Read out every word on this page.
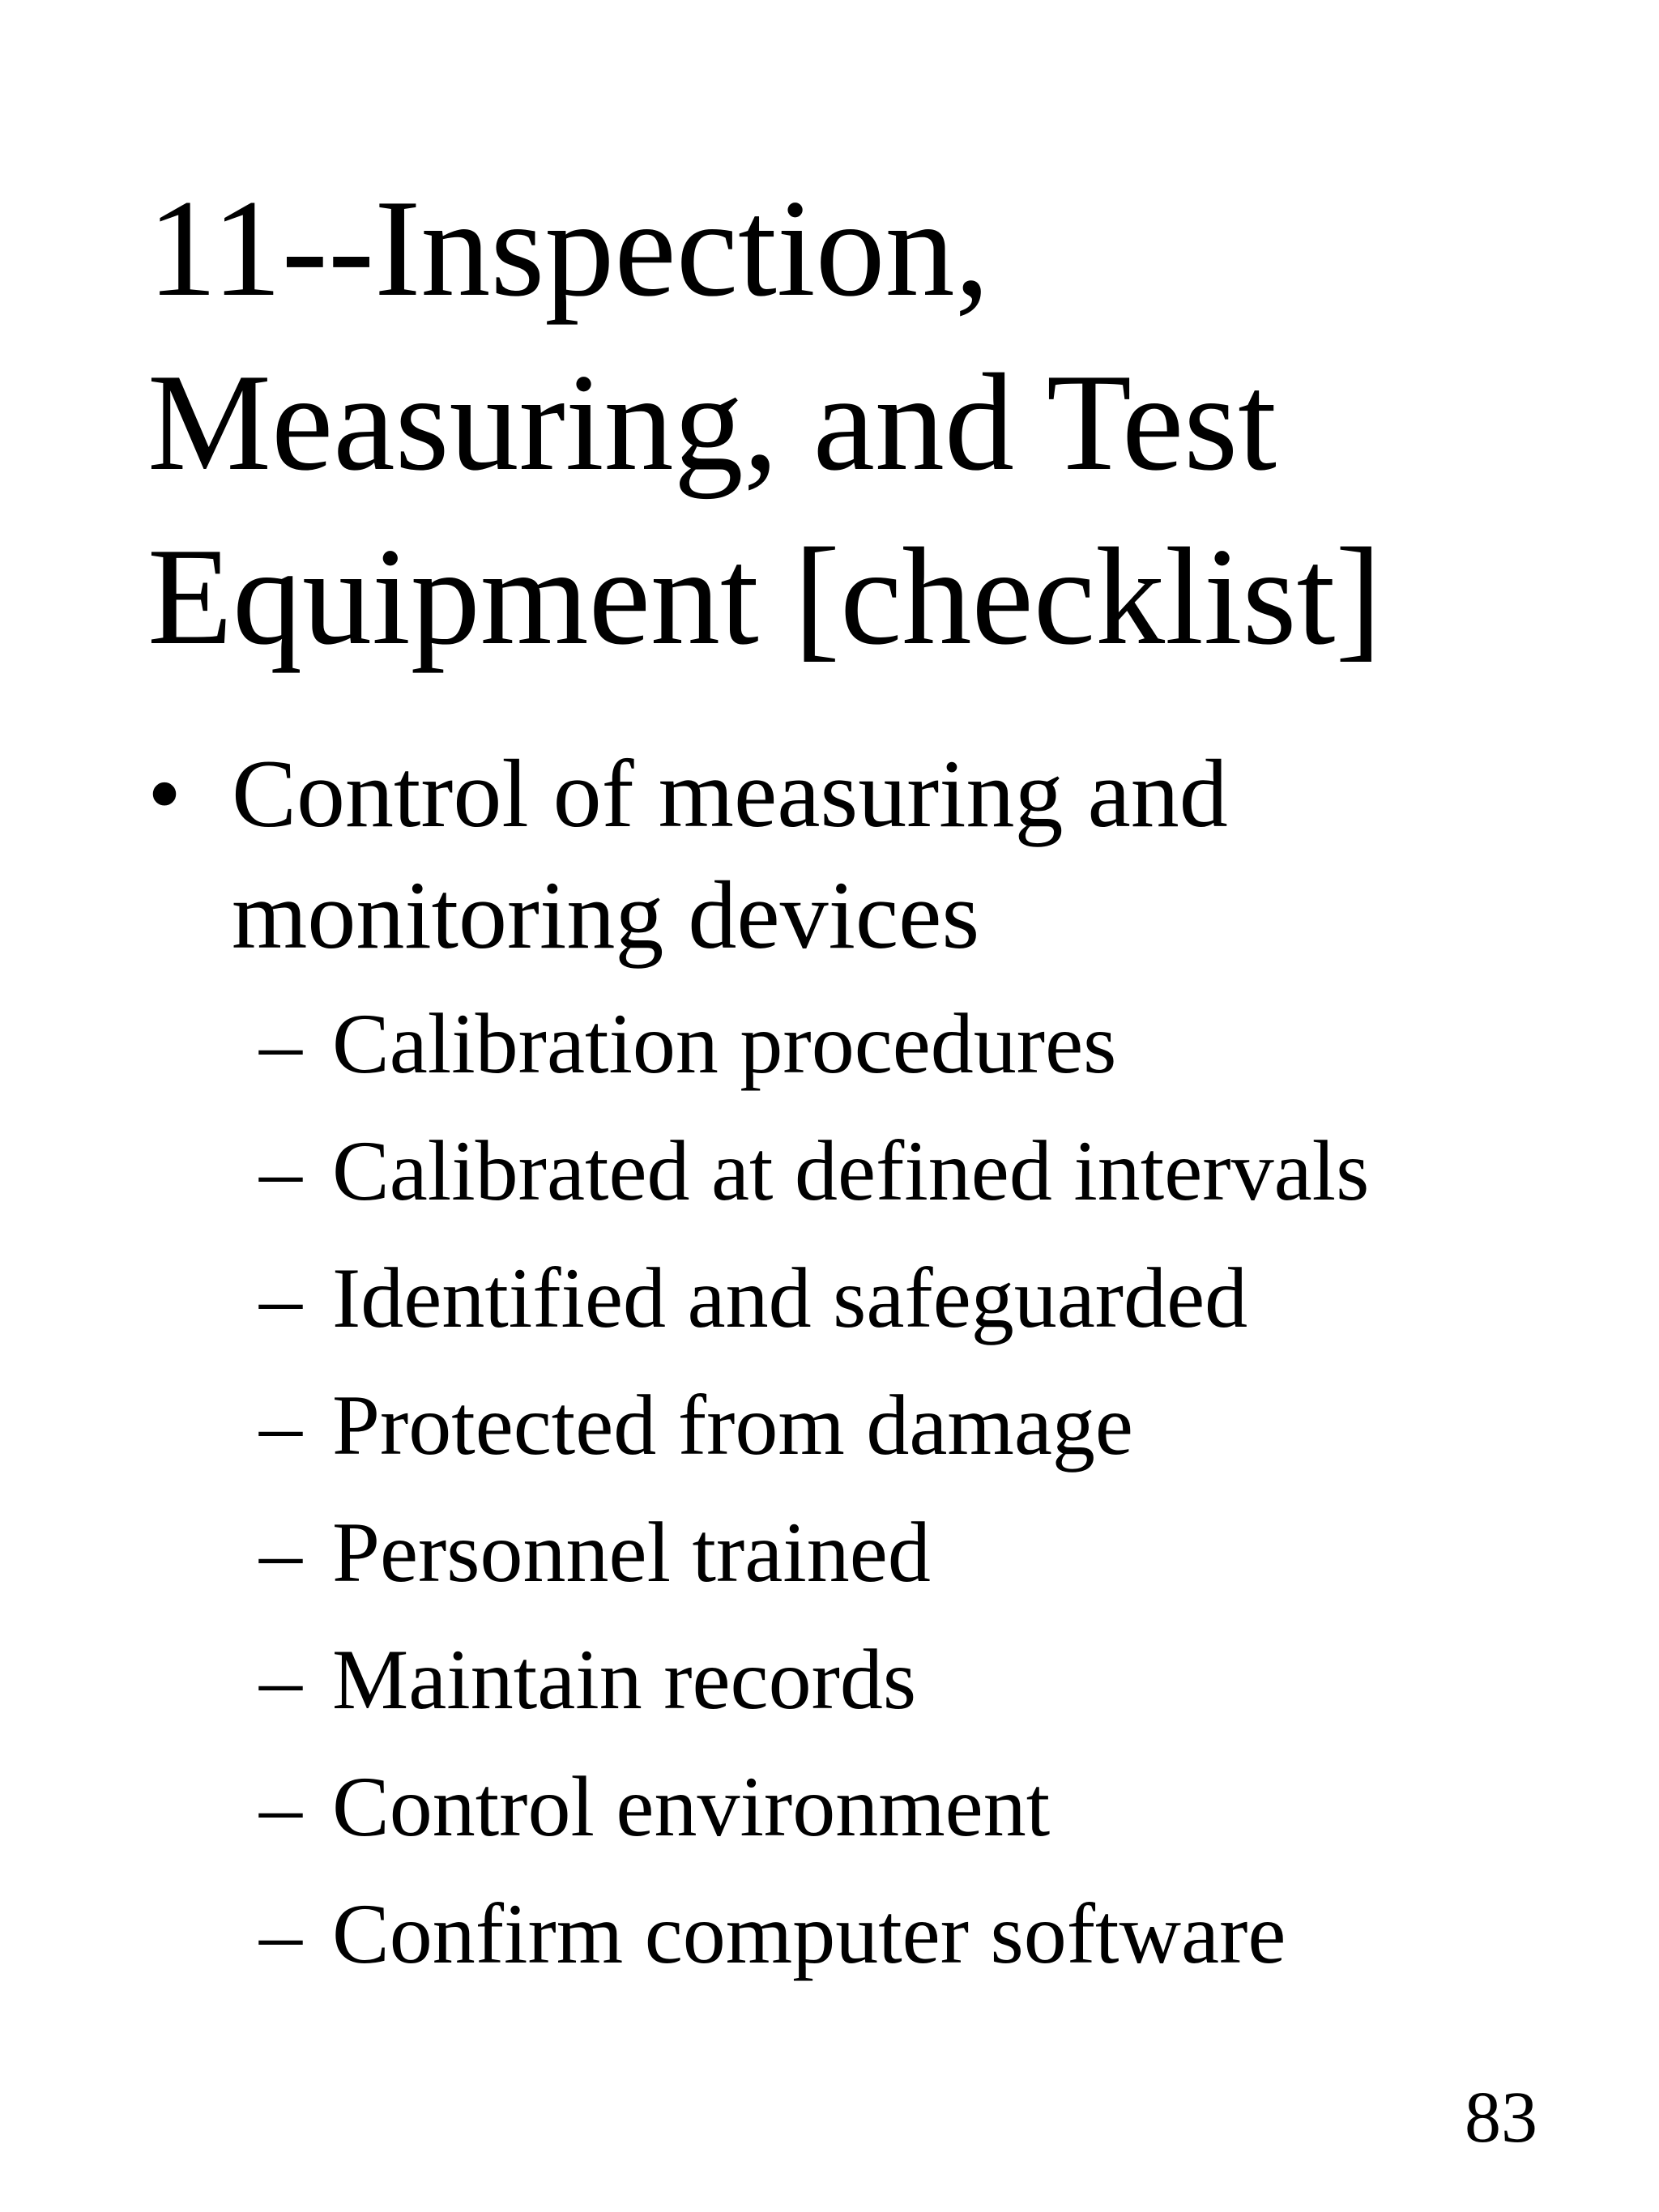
11--Inspection,
Measuring, and Test
Equipment [checklist]
• Control of measuring and
monitoring devices
– Calibration procedures
– Calibrated at defined intervals
– Identified and safeguarded
– Protected from damage
– Personnel trained
– Maintain records
– Control environment
– Confirm computer software
83
